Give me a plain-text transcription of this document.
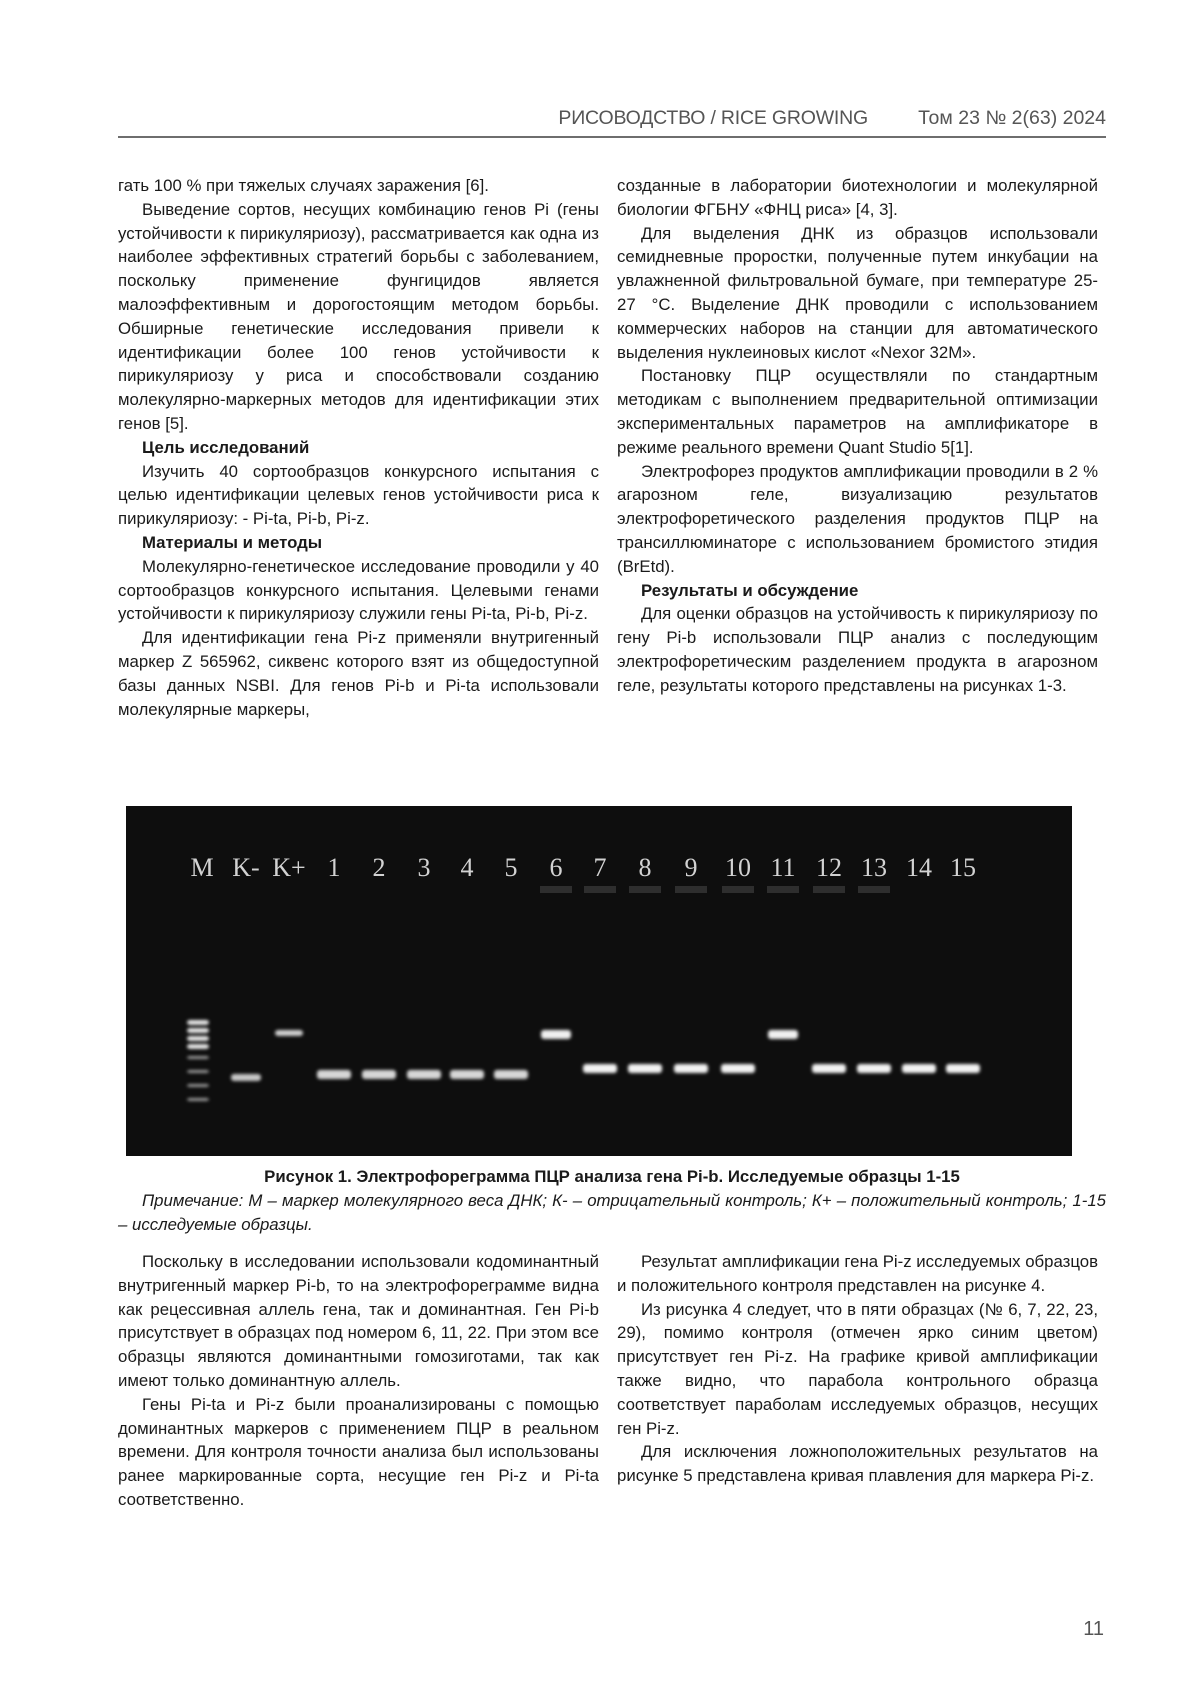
РИСОВОДСТВО / RICE GROWING	Том 23 № 2(63) 2024

гать 100 % при тяжелых случаях заражения [6].

Выведение сортов, несущих комбинацию генов Pi (гены устойчивости к пирикуляриозу), рассматривается как одна из наиболее эффективных стратегий борьбы с заболеванием, поскольку применение фунгицидов является малоэффективным и дорогостоящим методом борьбы. Обширные генетические исследования привели к идентификации более 100 генов устойчивости к пирикуляриозу у риса и способствовали созданию молекулярно-маркерных методов для идентификации этих генов [5].

Цель исследований

Изучить 40 сортообразцов конкурсного испытания с целью идентификации целевых генов устойчивости риса к пирикуляриозу: - Pi-ta, Pi-b, Pi-z.

Материалы и методы

Молекулярно-генетическое исследование проводили у 40 сортообразцов конкурсного испытания. Целевыми генами устойчивости к пирикуляриозу служили гены Pi-ta, Pi-b, Pi-z.

Для идентификации гена Pi-z применяли внутригенный маркер Z 565962, сиквенс которого взят из общедоступной базы данных NSBI. Для генов Pi-b и Pi-ta использовали молекулярные маркеры,

созданные в лаборатории биотехнологии и молекулярной биологии ФГБНУ «ФНЦ риса» [4, 3].

Для выделения ДНК из образцов использовали семидневные проростки, полученные путем инкубации на увлажненной фильтровальной бумаге, при температуре 25-27 °С. Выделение ДНК проводили с использованием коммерческих наборов на станции для автоматического выделения нуклеиновых кислот «Nexor 32М».

Постановку ПЦР осуществляли по стандартным методикам с выполнением предварительной оптимизации экспериментальных параметров на амплификаторе в режиме реального времени Quant Studio 5[1].

Электрофорез продуктов амплификации проводили в 2 % агарозном геле, визуализацию результатов электрофоретического разделения продуктов ПЦР на трансиллюминаторе с использованием бромистого этидия (BrEtd).

Результаты и обсуждение

Для оценки образцов на устойчивость к пирикуляриозу по гену Pi-b использовали ПЦР анализ с последующим электрофоретическим разделением продукта в агарозном геле, результаты которого представлены на рисунках 1-3.

M K- K+ 1 2 3 4 5 6 7 8 9 10 11 12 13 14 15
Рисунок 1. Электрофореграмма ПЦР анализа гена Pi-b. Исследуемые образцы 1-15
Примечание: М – маркер молекулярного веса ДНК; К- – отрицательный контроль; К+ – положительный контроль; 1-15 – исследуемые образцы.

Поскольку в исследовании использовали кодоминантный внутригенный маркер Pi-b, то на электрофореграмме видна как рецессивная аллель гена, так и доминантная. Ген Pi-b присутствует в образцах под номером 6, 11, 22. При этом все образцы являются доминантными гомозиготами, так как имеют только доминантную аллель.

Гены Pi-ta и Pi-z были проанализированы с помощью доминантных маркеров с применением ПЦР в реальном времени. Для контроля точности анализа был использованы ранее маркированные сорта, несущие ген Pi-z и Pi-ta соответственно.

Результат амплификации гена Pi-z исследуемых образцов и положительного контроля представлен на рисунке 4.

Из рисунка 4 следует, что в пяти образцах (№ 6, 7, 22, 23, 29), помимо контроля (отмечен ярко синим цветом) присутствует ген Pi-z. На графике кривой амплификации также видно, что парабола контрольного образца соответствует параболам исследуемых образцов, несущих ген Pi-z.

Для исключения ложноположительных результатов на рисунке 5 представлена кривая плавления для маркера Pi-z.

11
